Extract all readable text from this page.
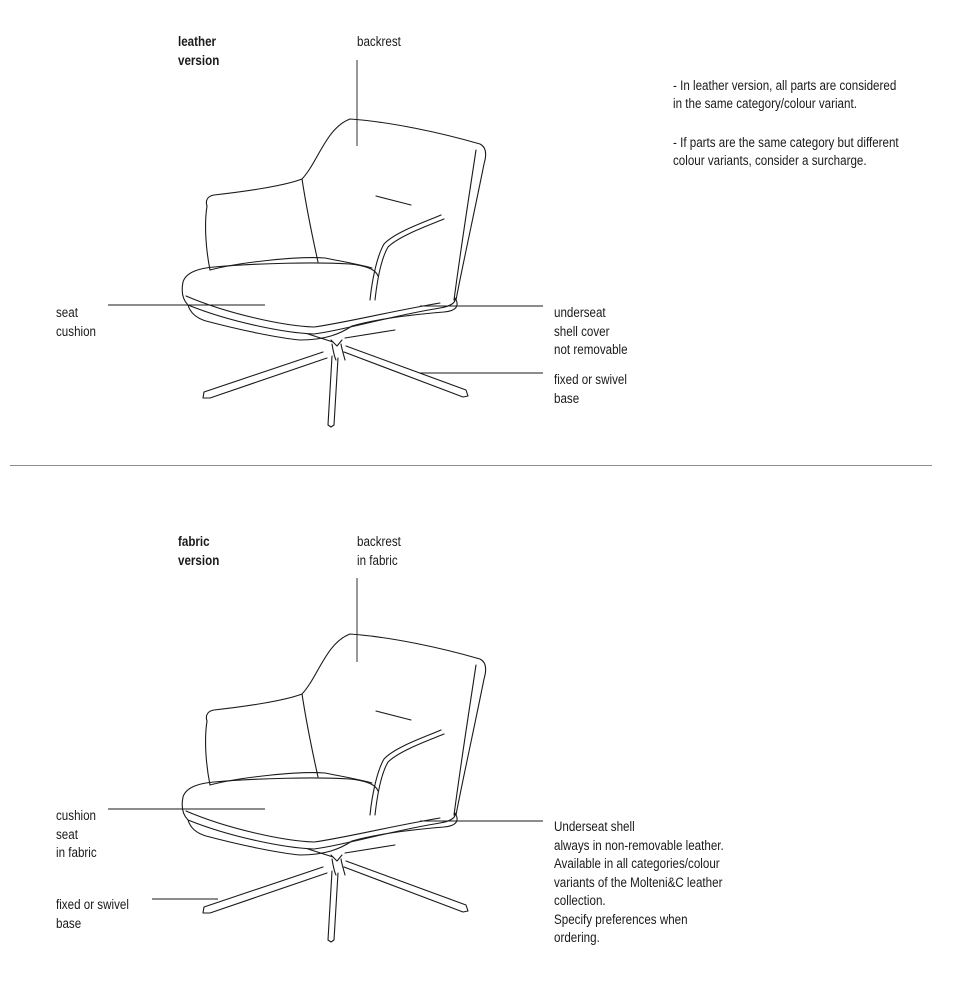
leather
version
backrest
seat
cushion
underseat
shell cover
not removable
fixed or swivel
base
- In leather version, all parts are considered
in the same category/colour variant.
- If parts are the same category but different
colour variants, consider a surcharge.
fabric
version
backrest
in fabric
cushion
seat
in fabric
fixed or swivel
base
Underseat shell
always in non-removable leather.
Available in all categories/colour
variants of the Molteni&C leather
collection.
Specify preferences when
ordering.
